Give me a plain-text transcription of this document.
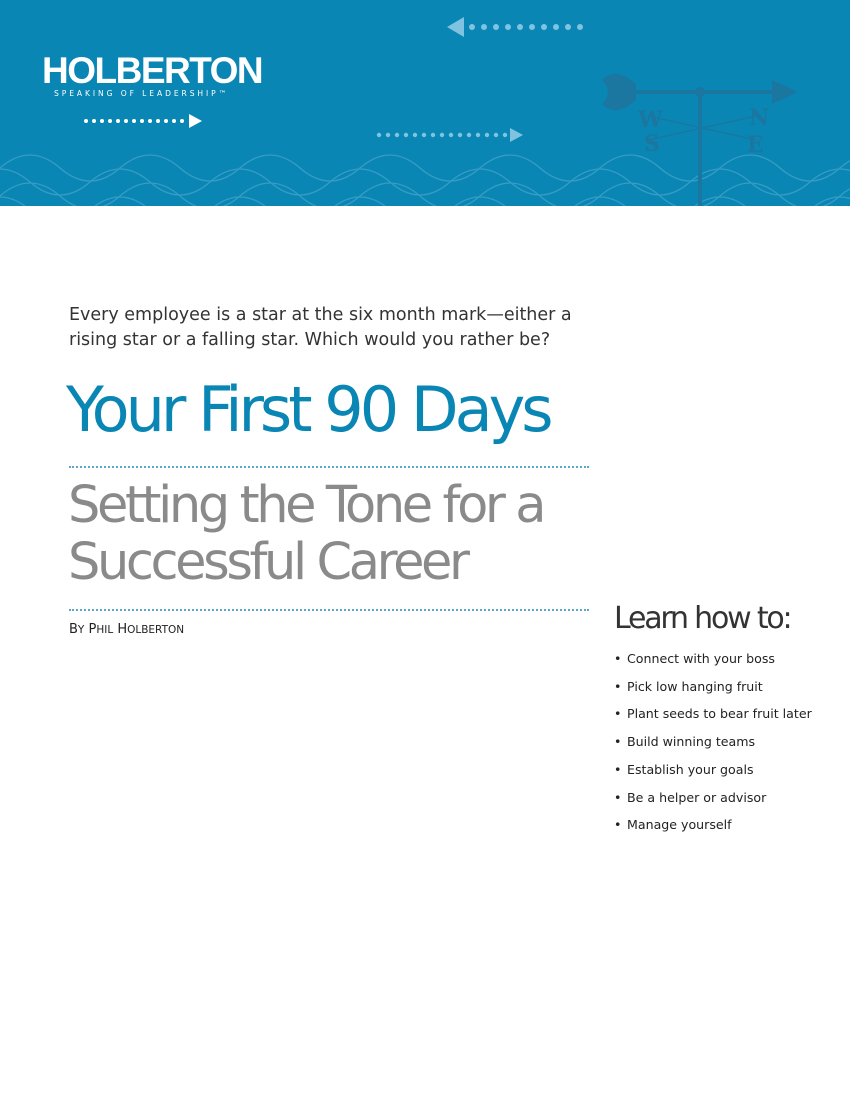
W
S
N
E
HOLBERTON
SPEAKING OF LEADERSHIP™

Every employee is a star at the six month mark—either a rising star or a falling star. Which would you rather be?

Your First 90 Days
Setting the Tone for a Successful Career
BY PHIL HOLBERTON	Learn how to:
• Connect with your boss
• Pick low hanging fruit
• Plant seeds to bear fruit later
• Build winning teams
• Establish your goals
• Be a helper or advisor
• Manage yourself
